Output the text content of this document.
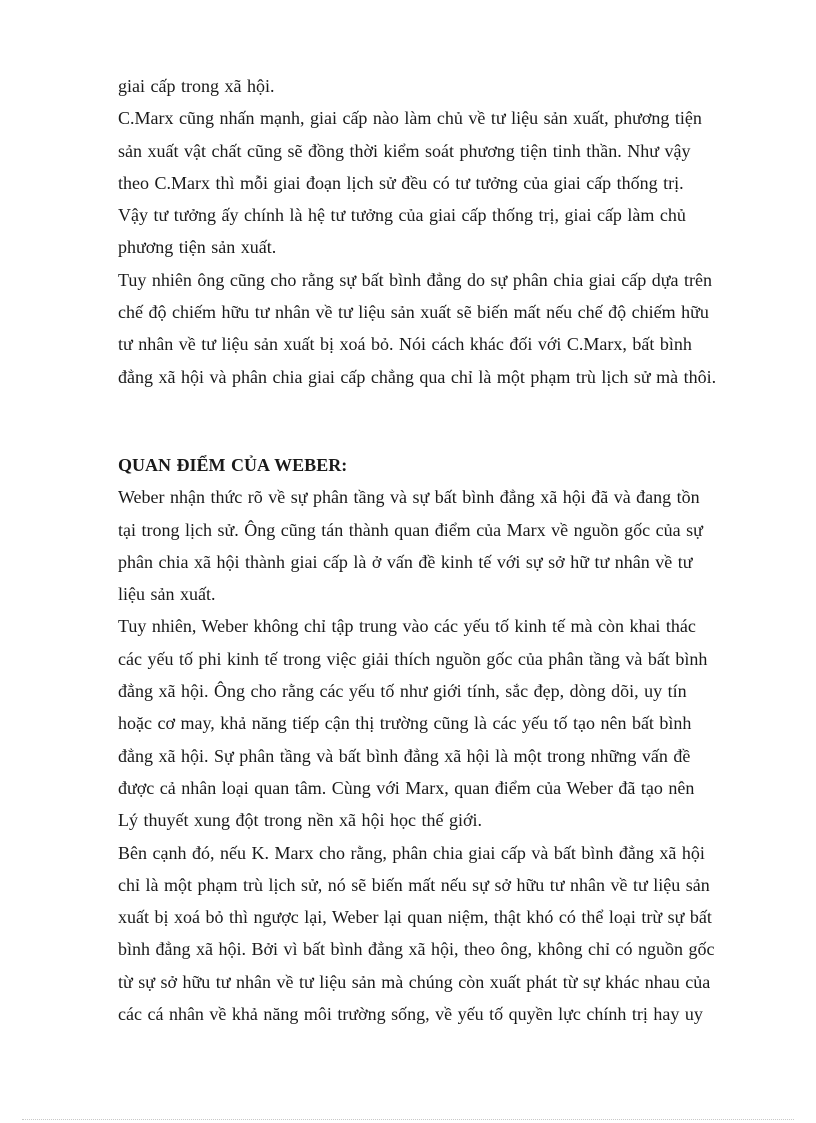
giai cấp trong xã hội.
C.Marx cũng nhấn mạnh, giai cấp nào làm chủ về tư liệu sản xuất, phương tiện
sản xuất vật chất cũng sẽ đồng thời kiểm soát phương tiện tinh thần. Như vậy
theo C.Marx thì mỗi giai đoạn lịch sử đều có tư tưởng của giai cấp thống trị.
Vậy tư tưởng ấy chính là hệ tư tưởng của giai cấp thống trị, giai cấp làm chủ
phương tiện sản xuất.
Tuy nhiên ông cũng cho rằng sự bất bình đẳng do sự phân chia giai cấp dựa trên
chế độ chiếm hữu tư nhân về tư liệu sản xuất sẽ biến mất nếu chế độ chiếm hữu
tư nhân về tư liệu sản xuất bị xoá bỏ. Nói cách khác đối với C.Marx, bất bình
đẳng xã hội và phân chia giai cấp chẳng qua chỉ là một phạm trù lịch sử mà thôi.
QUAN ĐIỂM CỦA WEBER:
Weber nhận thức rõ về sự phân tầng và sự bất bình đẳng xã hội đã và đang tồn
tại trong lịch sử. Ông cũng tán thành quan điểm của Marx về nguồn gốc của sự
phân chia xã hội thành giai cấp là ở vấn đề kinh tế với sự sở hữ tư nhân về tư
liệu sản xuất.
Tuy nhiên, Weber không chỉ tập trung vào các yếu tố kinh tế mà còn khai thác
các yếu tố phi kinh tế trong việc giải thích nguồn gốc của phân tầng và bất bình
đẳng xã hội. Ông cho rằng các yếu tố như giới tính, sắc đẹp, dòng dõi, uy tín
hoặc cơ may, khả năng tiếp cận thị trường cũng là các yếu tố tạo nên bất bình
đẳng xã hội. Sự phân tầng và bất bình đẳng xã hội là một trong những vấn đề
được cả nhân loại quan tâm. Cùng với Marx, quan điểm của Weber đã tạo nên
Lý thuyết xung đột trong nền xã hội học thế giới.
Bên cạnh đó, nếu K. Marx cho rằng, phân chia giai cấp và bất bình đẳng xã hội
chỉ là một phạm trù lịch sử, nó sẽ biến mất nếu sự sở hữu tư nhân về tư liệu sản
xuất bị xoá bỏ thì ngược lại, Weber lại quan niệm, thật khó có thể loại trừ sự bất
bình đẳng xã hội. Bởi vì bất bình đẳng xã hội, theo ông, không chỉ có nguồn gốc
từ sự sở hữu tư nhân về tư liệu sản mà chúng còn xuất phát từ sự khác nhau của
các cá nhân về khả năng môi trường sống, về yếu tố quyền lực chính trị hay uy
